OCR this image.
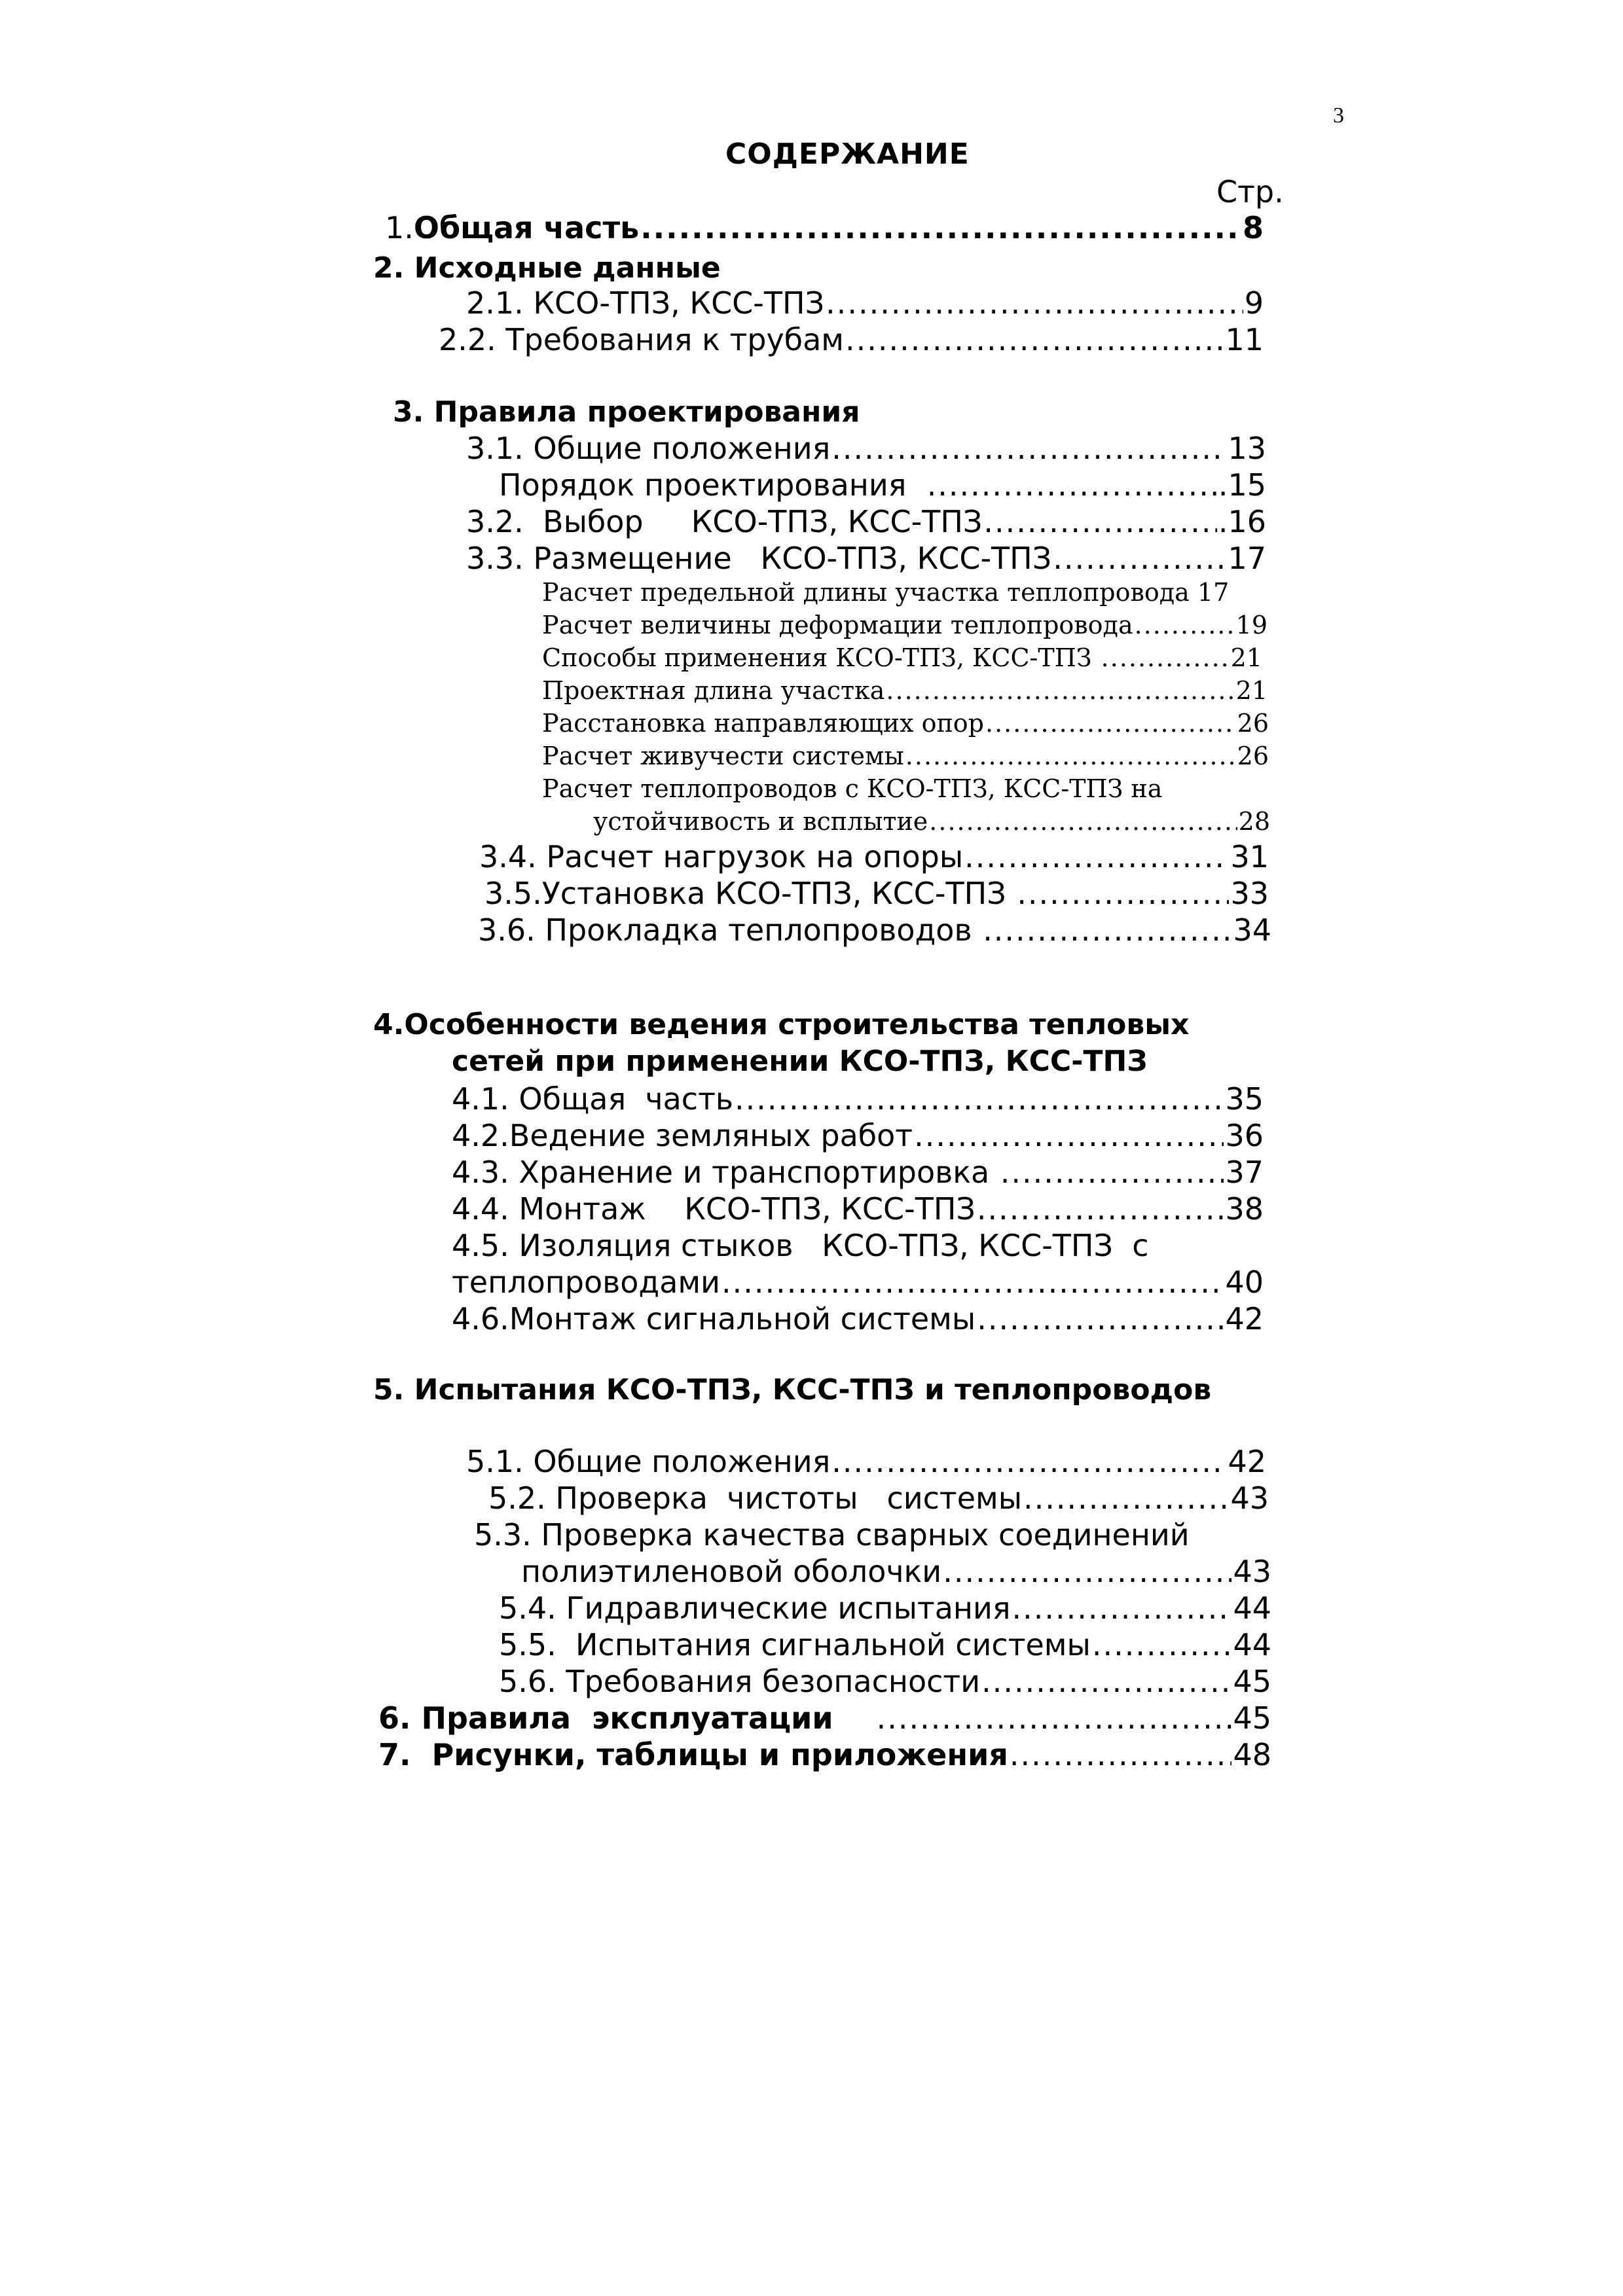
3
СОДЕРЖАНИЕ
Стр.
1. Общая часть .....	8
2. Исходные данные
2.1. КСО-ТПЗ, КСС-ТПЗ .....	9
2.2. Требования к трубам .....	11
3. Правила проектирования
3.1. Общие положения .....	13
Порядок проектирования .....	.15
3.2.  Выбор     КСО-ТПЗ, КСС-ТПЗ .....	.16
3.3. Размещение   КСО-ТПЗ, КСС-ТПЗ .....	17
Расчет предельной длины участка теплопровода 17
Расчет величины деформации теплопровода .....	19
Способы применения КСО-ТПЗ, КСС-ТПЗ .....	21
Проектная длина участка .....	21
Расстановка направляющих опор .....	26
Расчет живучести системы .....	26
Расчет теплопроводов с КСО-ТПЗ, КСС-ТПЗ на
устойчивость и всплытие .....	28
3.4. Расчет нагрузок на опоры .....	31
3.5.Установка КСО-ТПЗ, КСС-ТПЗ .....	33
3.6. Прокладка теплопроводов .....	34
4.Особенности ведения строительства тепловых
сетей при применении КСО-ТПЗ, КСС-ТПЗ
4.1. Общая  часть .....	35
4.2.Ведение земляных работ .....	36
4.3. Хранение и транспортировка .....	37
4.4. Монтаж    КСО-ТПЗ, КСС-ТПЗ .....	38
4.5. Изоляция стыков   КСО-ТПЗ, КСС-ТПЗ  с
теплопроводами .....	40
4.6.Монтаж сигнальной системы .....	42
5. Испытания КСО-ТПЗ, КСС-ТПЗ и теплопроводов
5.1. Общие положения .....	42
5.2. Проверка  чистоты   системы .....	43
5.3. Проверка качества сварных соединений
полиэтиленовой оболочки .....	43
5.4. Гидравлические испытания .....	44
5.5.  Испытания сигнальной системы .....	44
5.6. Требования безопасности .....	45
6. Правила  эксплуатации .....	45
7.  Рисунки, таблицы и приложения .....	48
